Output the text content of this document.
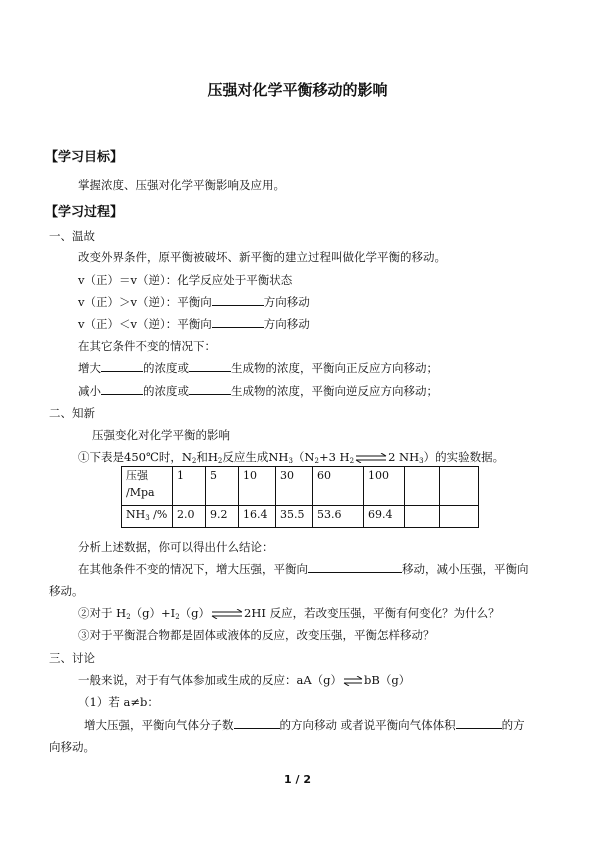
压强对化学平衡移动的影响
【学习目标】
掌握浓度、压强对化学平衡影响及应用。
【学习过程】
一、温故
改变外界条件，原平衡被破坏、新平衡的建立过程叫做化学平衡的移动。
v（正）＝v（逆）：化学反应处于平衡状态
v（正）＞v（逆）：平衡向	方向移动
v（正）＜v（逆）：平衡向	方向移动
在其它条件不变的情况下：
增大	的浓度或	生成物的浓度，平衡向正反应方向移动；
减小	的浓度或	生成物的浓度，平衡向逆反应方向移动；
二、知新
压强变化对化学平衡的影响
①下表是450℃时，$N_2$和$H_2$反应生成$NH_3(N_2+3$ $H_2\rightleftharpoons 2$ $NH_3$）的实验数据。
压强
/Mpa	1	5	10	30	60	100		
$NH_3$ /%	2.0	9.2	16.4	35.5	53.6	69.4		
分析上述数据，你可以得出什么结论：
在其他条件不变的情况下，增大压强，平衡向	移动，减小压强，平衡向
移动。
②对于 $H_2(g)+I_2(g)\rightleftharpoons 2HI$ 反应，若改变压强，平衡有何变化？为什么？
③对于平衡混合物都是固体或液体的反应，改变压强，平衡怎样移动？
三、讨论
一般来说，对于有气体参加或生成的反应：aA（g）⇌bB（g）
（1）若 a≠b：
增大压强，平衡向气体分子数	的方向移动 或者说平衡向气体体积	的方
向移动。
1 / 2
